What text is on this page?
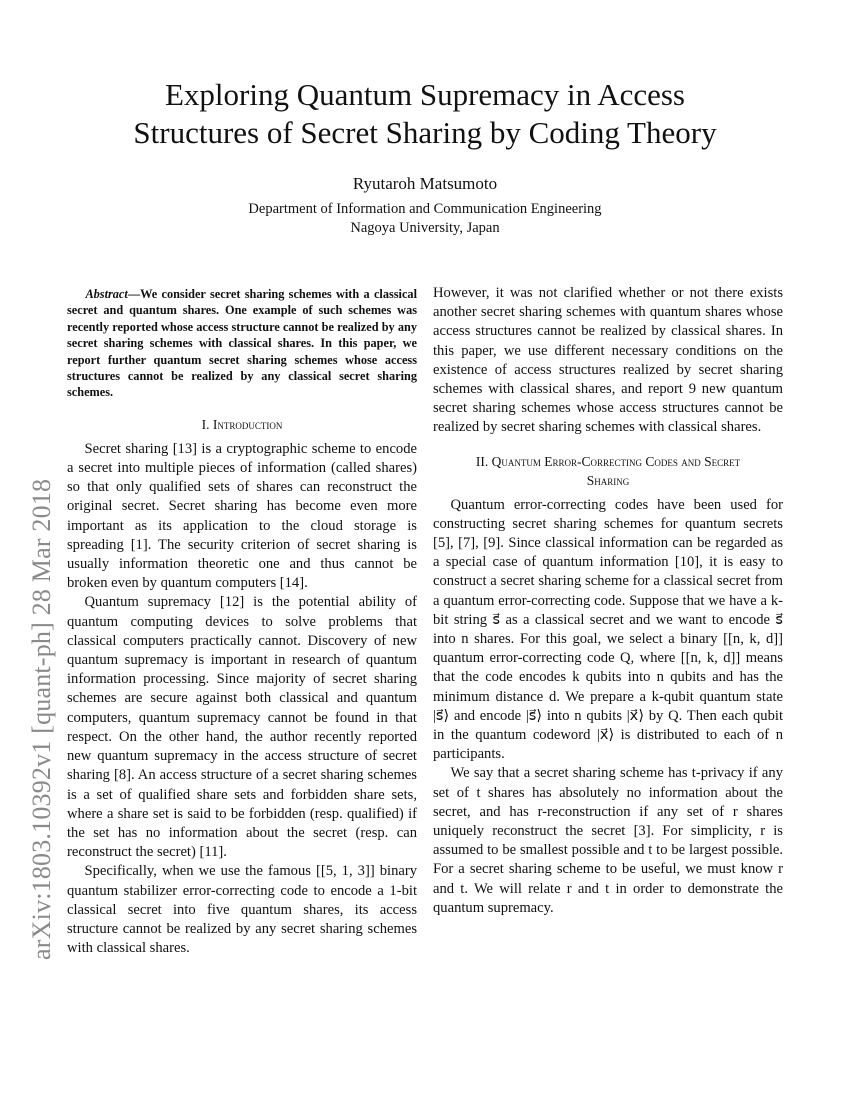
arXiv:1803.10392v1 [quant-ph] 28 Mar 2018
Exploring Quantum Supremacy in Access
Structures of Secret Sharing by Coding Theory
Ryutaroh Matsumoto
Department of Information and Communication Engineering
Nagoya University, Japan

Abstract—We consider secret sharing schemes with a classical secret and quantum shares. One example of such schemes was recently reported whose access structure cannot be realized by any secret sharing schemes with classical shares. In this paper, we report further quantum secret sharing schemes whose access structures cannot be realized by any classical secret sharing schemes.

I. Introduction

Secret sharing [13] is a cryptographic scheme to encode a secret into multiple pieces of information (called shares) so that only qualified sets of shares can reconstruct the original secret. Secret sharing has become even more important as its application to the cloud storage is spreading [1]. The security criterion of secret sharing is usually information theoretic one and thus cannot be broken even by quantum computers [14].

Quantum supremacy [12] is the potential ability of quantum computing devices to solve problems that classical computers practically cannot. Discovery of new quantum supremacy is important in research of quantum information processing. Since majority of secret sharing schemes are secure against both classical and quantum computers, quantum supremacy cannot be found in that respect. On the other hand, the author recently reported new quantum supremacy in the access structure of secret sharing [8]. An access structure of a secret sharing schemes is a set of qualified share sets and forbidden share sets, where a share set is said to be forbidden (resp. qualified) if the set has no information about the secret (resp. can reconstruct the secret) [11].

Specifically, when we use the famous [[5, 1, 3]] binary quantum stabilizer error-correcting code to encode a 1-bit classical secret into five quantum shares, its access structure cannot be realized by any secret sharing schemes with classical shares.

However, it was not clarified whether or not there exists another secret sharing schemes with quantum shares whose access structures cannot be realized by classical shares. In this paper, we use different necessary conditions on the existence of access structures realized by secret sharing schemes with classical shares, and report 9 new quantum secret sharing schemes whose access structures cannot be realized by secret sharing schemes with classical shares.

II. Quantum Error-Correcting Codes and Secret
Sharing

Quantum error-correcting codes have been used for constructing secret sharing schemes for quantum secrets [5], [7], [9]. Since classical information can be regarded as a special case of quantum information [10], it is easy to construct a secret sharing scheme for a classical secret from a quantum error-correcting code. Suppose that we have a k-bit string s⃗ as a classical secret and we want to encode s⃗ into n shares. For this goal, we select a binary [[n, k, d]] quantum error-correcting code Q, where [[n, k, d]] means that the code encodes k qubits into n qubits and has the minimum distance d. We prepare a k-qubit quantum state |s⃗⟩ and encode |s⃗⟩ into n qubits |x⃗⟩ by Q. Then each qubit in the quantum codeword |x⃗⟩ is distributed to each of n participants.

We say that a secret sharing scheme has t-privacy if any set of t shares has absolutely no information about the secret, and has r-reconstruction if any set of r shares uniquely reconstruct the secret [3]. For simplicity, r is assumed to be smallest possible and t to be largest possible. For a secret sharing scheme to be useful, we must know r and t. We will relate r and t in order to demonstrate the quantum supremacy.
